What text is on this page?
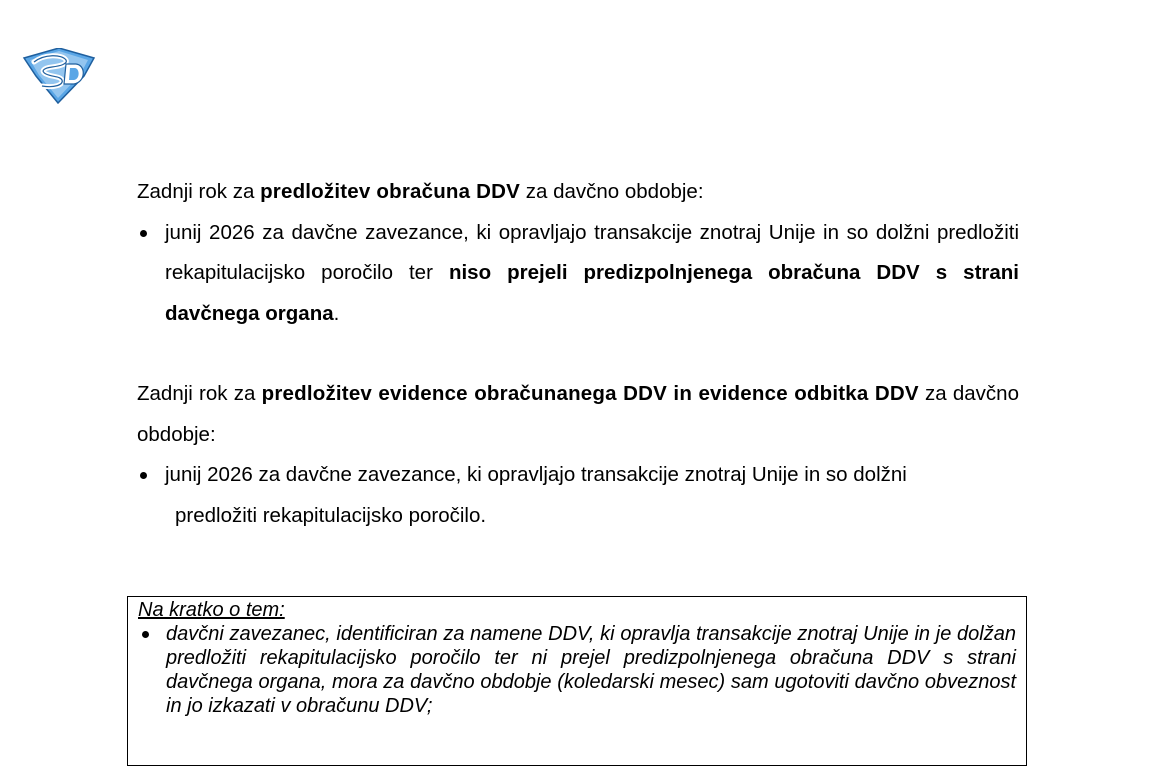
Zadnji rok za predložitev obračuna DDV za davčno obdobje:

junij 2026 za davčne zavezance, ki opravljajo transakcije znotraj Unije in so dolžni predložiti rekapitulacijsko poročilo ter niso prejeli predizpolnjenega obračuna DDV s strani davčnega organa.

Zadnji rok za predložitev evidence obračunanega DDV in evidence odbitka DDV za davčno obdobje:

junij 2026 za davčne zavezance, ki opravljajo transakcije znotraj Unije in so dolžni
predložiti rekapitulacijsko poročilo.

Na kratko o tem:

davčni zavezanec, identificiran za namene DDV, ki opravlja transakcije znotraj Unije in je dolžan predložiti rekapitulacijsko poročilo ter ni prejel predizpolnjenega obračuna DDV s strani davčnega organa, mora za davčno obdobje (koledarski mesec) sam ugotoviti davčno obveznost in jo izkazati v obračunu DDV;
